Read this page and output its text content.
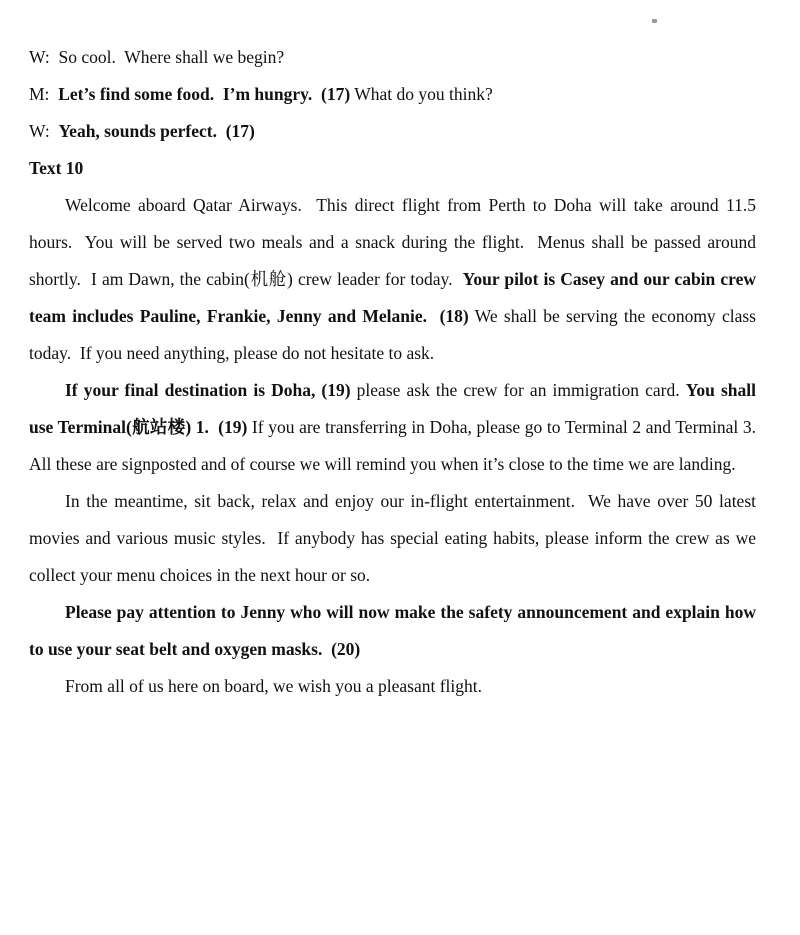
W:  So cool.  Where shall we begin?

M:  Let’s find some food.  I’m hungry.  (17) What do you think?

W:  Yeah, sounds perfect.  (17)

Text 10

Welcome aboard Qatar Airways.  This direct flight from Perth to Doha will take around 11.5 hours.  You will be served two meals and a snack during the flight.  Menus shall be passed around shortly.  I am Dawn, the cabin(机舱) crew leader for today.  Your pilot is Casey and our cabin crew team includes Pauline, Frankie, Jenny and Melanie.  (18) We shall be serving the economy class today.  If you need anything, please do not hesitate to ask.

If your final destination is Doha, (19) please ask the crew for an immigration card. You shall use Terminal(航站楼) 1.  (19) If you are transferring in Doha, please go to Terminal 2 and Terminal 3. All these are signposted and of course we will remind you when it’s close to the time we are landing.

In the meantime, sit back, relax and enjoy our in-flight entertainment.  We have over 50 latest movies and various music styles.  If anybody has special eating habits, please inform the crew as we collect your menu choices in the next hour or so.

Please pay attention to Jenny who will now make the safety announcement and explain how to use your seat belt and oxygen masks.  (20)

From all of us here on board, we wish you a pleasant flight.
